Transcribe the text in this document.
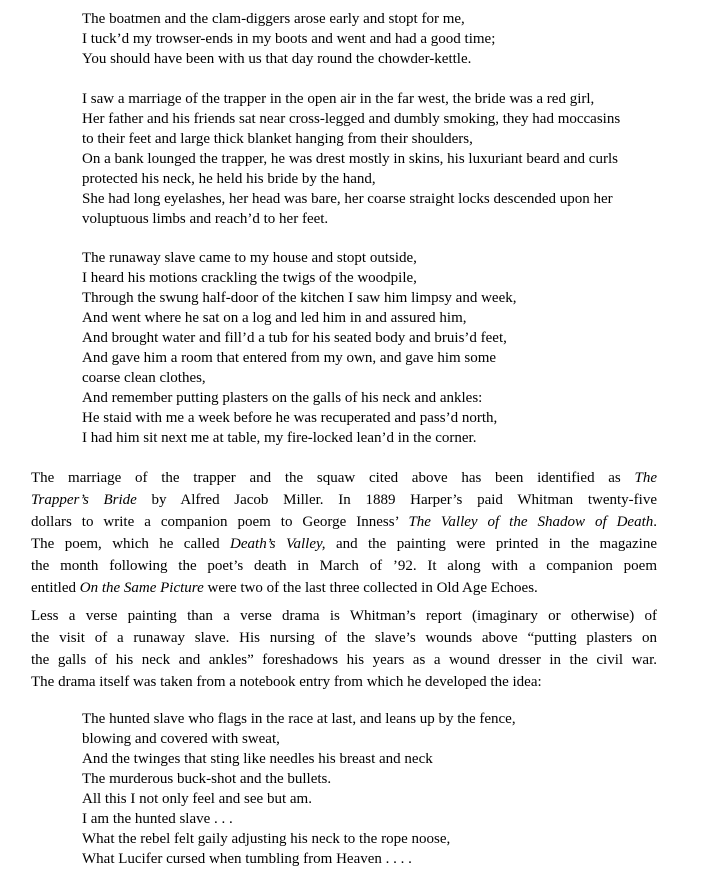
The boatmen and the clam-diggers arose early and stopt for me,
I tuck’d my trowser-ends in my boots and went and had a good time;
You should have been with us that day round the chowder-kettle.
I saw a marriage of the trapper in the open air in the far west, the bride was a red girl,
Her father and his friends sat near cross-legged and dumbly smoking, they had moccasins
to their feet and large thick blanket hanging from their shoulders,
On a bank lounged the trapper, he was drest mostly in skins, his luxuriant beard and curls
protected his neck, he held his bride by the hand,
She had long eyelashes, her head was bare, her coarse straight locks descended upon her
voluptuous limbs and reach’d to her feet.
The runaway slave came to my house and stopt outside,
I heard his motions crackling the twigs of the woodpile,
Through the swung half-door of the kitchen I saw him limpsy and week,
And went where he sat on a log and led him in and assured him,
And brought water and fill’d a tub for his seated body and bruis’d feet,
And gave him a room that entered from my own, and gave him some
coarse clean clothes,
And remember putting plasters on the galls of his neck and ankles:
He staid with me a week before he was recuperated and pass’d north,
I had him sit next me at table, my fire-locked lean’d in the corner.
The marriage of the trapper and the squaw cited above has been identified as The
Trapper’s Bride by Alfred Jacob Miller. In 1889 Harper’s paid Whitman twenty-five
dollars to write a companion poem to George Inness’ The Valley of the Shadow of Death.
The poem, which he called Death’s Valley, and the painting were printed in the magazine
the month following the poet’s death in March of ’92. It along with a companion poem
entitled On the Same Picture were two of the last three collected in Old Age Echoes.
Less a verse painting than a verse drama is Whitman’s report (imaginary or otherwise) of
the visit of a runaway slave. His nursing of the slave’s wounds above “putting plasters on
the galls of his neck and ankles” foreshadows his years as a wound dresser in the civil war.
The drama itself was taken from a notebook entry from which he developed the idea:
The hunted slave who flags in the race at last, and leans up by the fence,
blowing and covered with sweat,
And the twinges that sting like needles his breast and neck
The murderous buck-shot and the bullets.
All this I not only feel and see but am.
I am the hunted slave . . .
What the rebel felt gaily adjusting his neck to the rope noose,
What Lucifer cursed when tumbling from Heaven . . . .
